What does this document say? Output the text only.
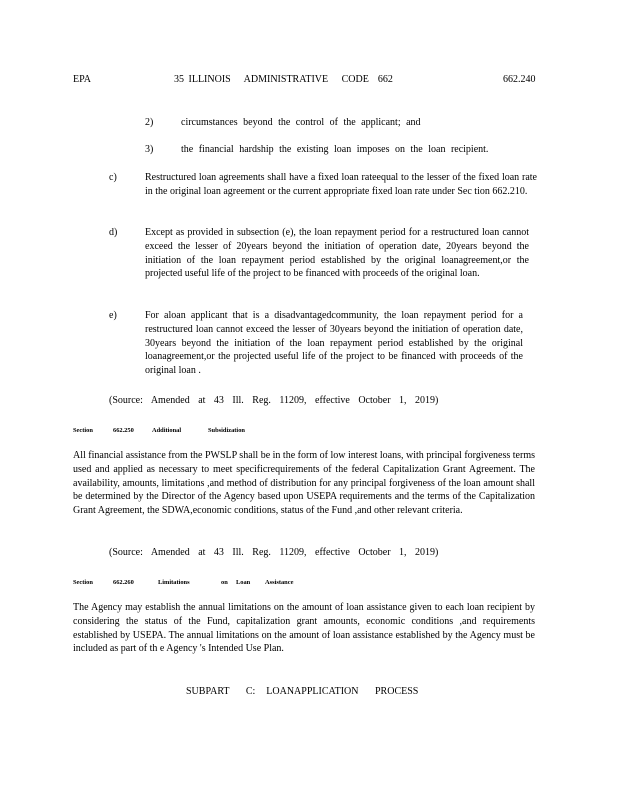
EPA	35 ILLINOIS   ADMINISTRATIVE   CODE  662	662.240
2)	circumstances beyond the control of the applicant; and
3)	the financial hardship the existing loan imposes on the loan recipient.
c)	Restructured loan agreements shall have a fixed loan rateequal to the lesser of the fixed loan rate in the original loan agreement or the current appropriate fixed loan rate under Sec tion 662.210.
d)	Except as provided in subsection (e), the loan repayment period for a restructured loan cannot exceed the lesser of 20years beyond the initiation of operation date, 20years beyond the initiation of the loan repayment period established by the original loanagreement,or the projected useful life of the project to be financed with proceeds of the original loan.
e)	For aloan applicant that is a disadvantagedcommunity, the loan repayment period for a restructured loan cannot exceed the lesser of 30years beyond the initiation of operation date, 30years beyond the initiation of the loan repayment period established by the original loanagreement,or the projected useful life of the project to be financed with proceeds of the original loan .
(Source: Amended at 43 Ill. Reg. 11209, effective October 1, 2019)
Section	662.250	Additional	Subsidization
All financial assistance from the PWSLP shall be in the form of low interest loans, with principal forgiveness terms used and applied as necessary to meet specificrequirements of the federal Capitalization Grant Agreement. The availability, amounts, limitations ,and method of distribution for any principal forgiveness of the loan amount shall be determined by the Director of the Agency based upon USEPA requirements and the terms of the Capitalization Grant Agreement, the SDWA,economic conditions, status of the Fund ,and other relevant criteria.
(Source: Amended at 43 Ill. Reg. 11209, effective October 1, 2019)
Section	662.260	Limitations	on Loan Assistance
The Agency may establish the annual limitations on the amount of loan assistance given to each loan recipient by considering the status of the Fund, capitalization grant amounts, economic conditions ,and requirements established by USEPA. The annual limitations on the amount of loan assistance established by the Agency must be included as part of th e Agency 's Intended Use Plan.
SUBPART   C:  LOANAPPLICATION   PROCESS
